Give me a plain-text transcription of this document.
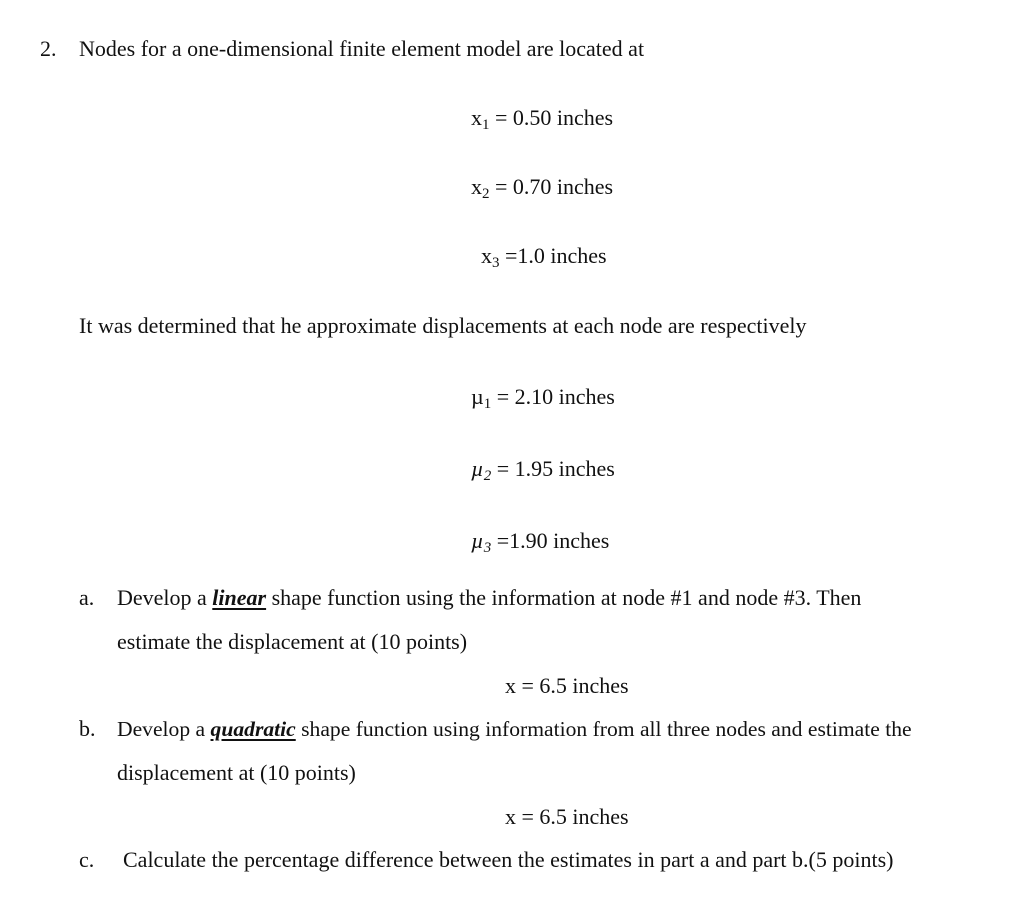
2. Nodes for a one-dimensional finite element model are located at
x1 = 0.50 inches
x2 = 0.70 inches
x3 =1.0 inches
It was determined that he approximate displacements at each node are respectively
µ1 = 2.10 inches
µ2 = 1.95 inches
µ3 =1.90 inches
a. Develop a linear shape function using the information at node #1 and node #3. Then
estimate the displacement at (10 points)
x = 6.5 inches
b. Develop a quadratic shape function using information from all three nodes and estimate the
displacement at (10 points)
x = 6.5 inches
c. Calculate the percentage difference between the estimates in part a and part b.(5 points)
